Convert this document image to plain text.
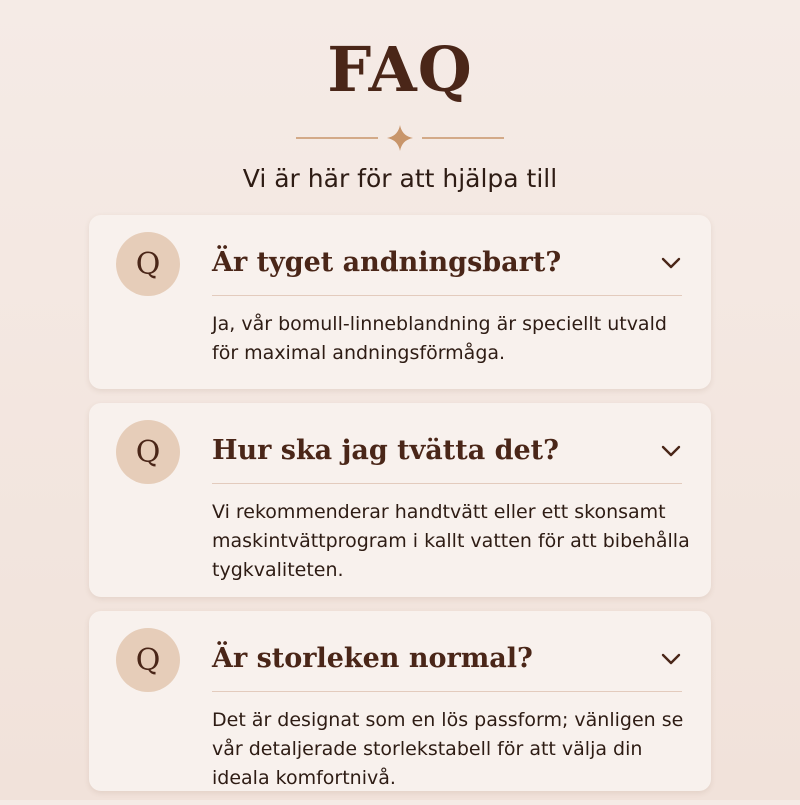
FAQ
Vi är här för att hjälpa till
Q	Är tyget andningsbart?
Ja, vår bomull-linneblandning är speciellt utvald för maximal andningsförmåga.
Q	Hur ska jag tvätta det?
Vi rekommenderar handtvätt eller ett skonsamt maskintvättprogram i kallt vatten för att bibehålla tygkvaliteten.
Q	Är storleken normal?
Det är designat som en lös passform; vänligen se vår detaljerade storlekstabell för att välja din ideala komfortnivå.
